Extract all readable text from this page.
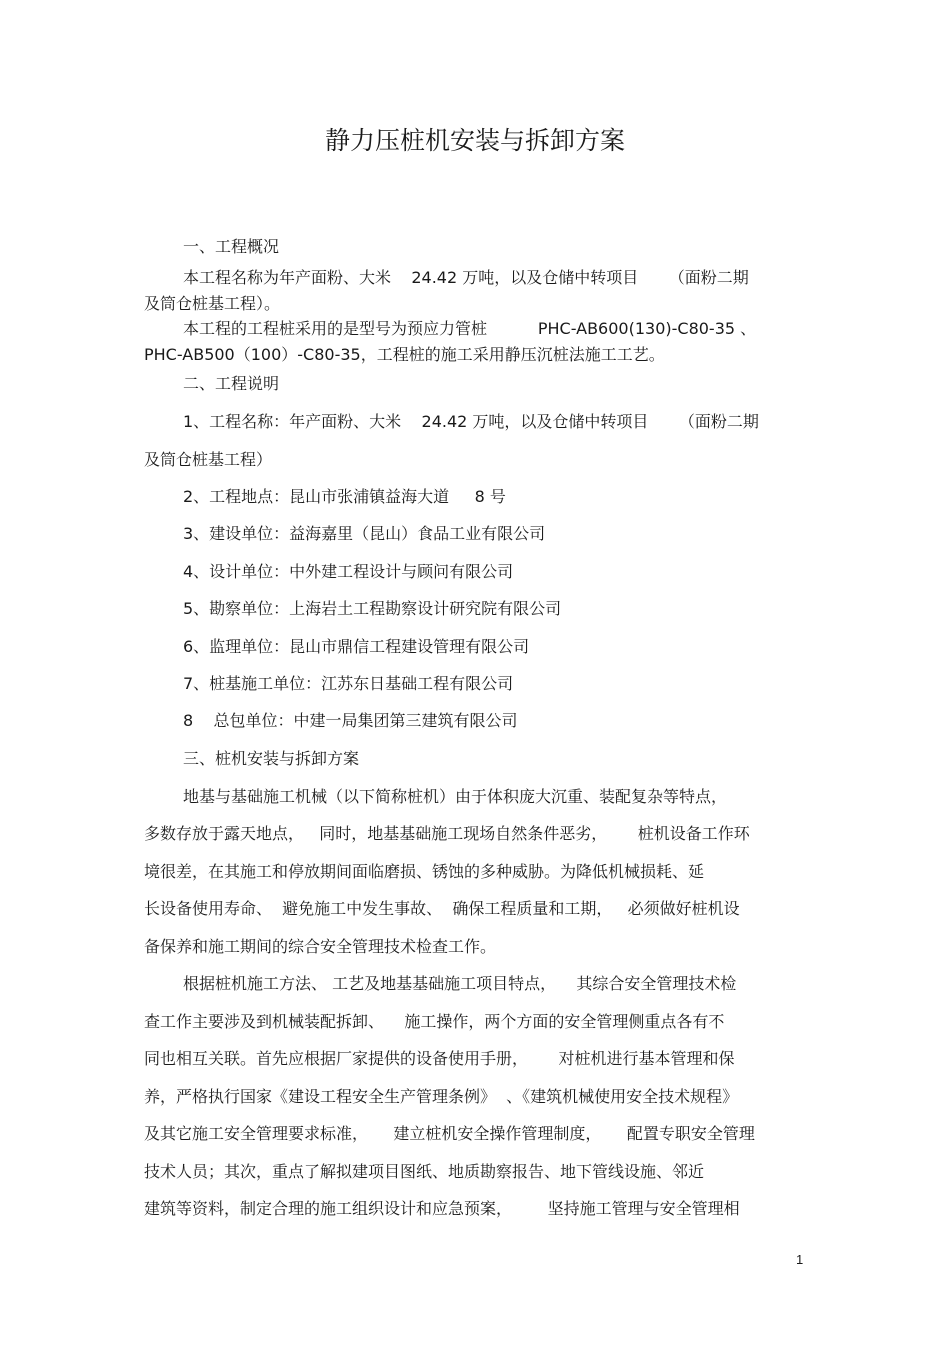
静力压桩机安装与拆卸方案
一、工程概况
本工程名称为年产面粉、大米    24.42 万吨，以及仓储中转项目      （面粉二期
及筒仓桩基工程）。
本工程的工程桩采用的是型号为预应力管桩          PHC-AB600(130)-C80-35 、
PHC-AB500（100）-C80-35，工程桩的施工采用静压沉桩法施工工艺。
二、工程说明
1、工程名称：年产面粉、大米    24.42 万吨，以及仓储中转项目      （面粉二期
及筒仓桩基工程）
2、工程地点：昆山市张浦镇益海大道     8 号
3、建设单位：益海嘉里（昆山）食品工业有限公司
4、设计单位：中外建工程设计与顾问有限公司
5、勘察单位：上海岩土工程勘察设计研究院有限公司
6、监理单位：昆山市鼎信工程建设管理有限公司
7、桩基施工单位：江苏东日基础工程有限公司
8    总包单位：中建一局集团第三建筑有限公司
三、桩机安装与拆卸方案
地基与基础施工机械（以下简称桩机）由于体积庞大沉重、装配复杂等特点，
多数存放于露天地点，   同时，地基基础施工现场自然条件恶劣，      桩机设备工作环
境很差，在其施工和停放期间面临磨损、锈蚀的多种威胁。为降低机械损耗、延
长设备使用寿命、  避免施工中发生事故、  确保工程质量和工期，   必须做好桩机设
备保养和施工期间的综合安全管理技术检查工作。
根据桩机施工方法、 工艺及地基基础施工项目特点，    其综合安全管理技术检
查工作主要涉及到机械装配拆卸、    施工操作，两个方面的安全管理侧重点各有不
同也相互关联。首先应根据厂家提供的设备使用手册，      对桩机进行基本管理和保
养，严格执行国家《建设工程安全生产管理条例》  、《建筑机械使用安全技术规程》
及其它施工安全管理要求标准，     建立桩机安全操作管理制度，     配置专职安全管理
技术人员；其次，重点了解拟建项目图纸、地质勘察报告、地下管线设施、邻近
建筑等资料，制定合理的施工组织设计和应急预案，       坚持施工管理与安全管理相
1
